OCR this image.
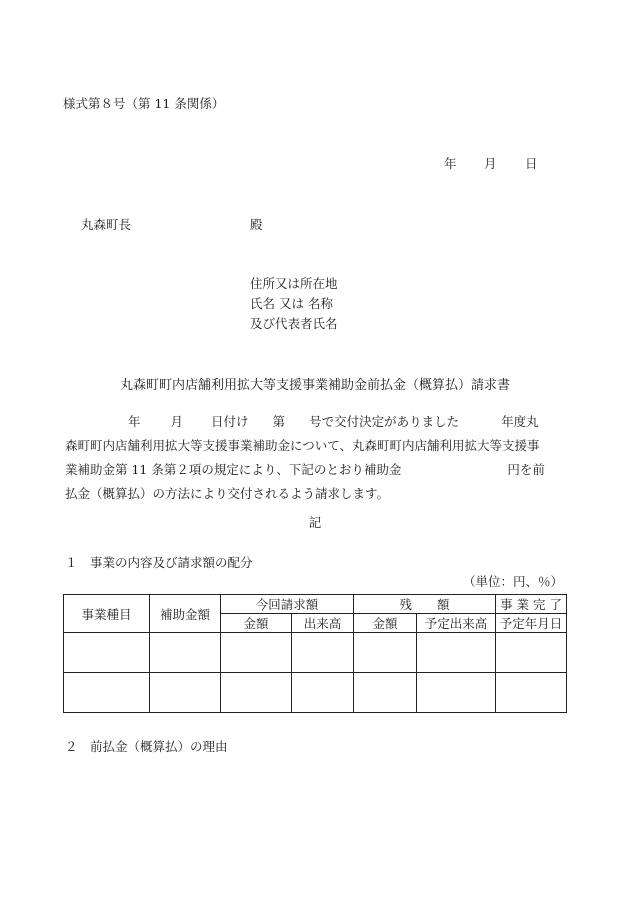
様式第８号（第 11 条関係）
年 月 日
丸森町長	殿
住所又は所在地
氏名 又は 名称
及び代表者氏名
丸森町町内店舗利用拡大等支援事業補助金前払金（概算払）請求書
年 月 日付け 第 号で交付決定がありました	年度丸
森町町内店舗利用拡大等支援事業補助金について、丸森町町内店舗利用拡大等支援事
業補助金第 11 条第２項の規定により、下記のとおり補助金	円を前
払金（概算払）の方法により交付されるよう請求します。
記
１　事業の内容及び請求額の配分
（単位：円、％）
事業種目	補助金額	今回請求額		残　　額		事 業 完 了
		金額	出来高	金額	予定出来高	予定年月日

２　前払金（概算払）の理由
